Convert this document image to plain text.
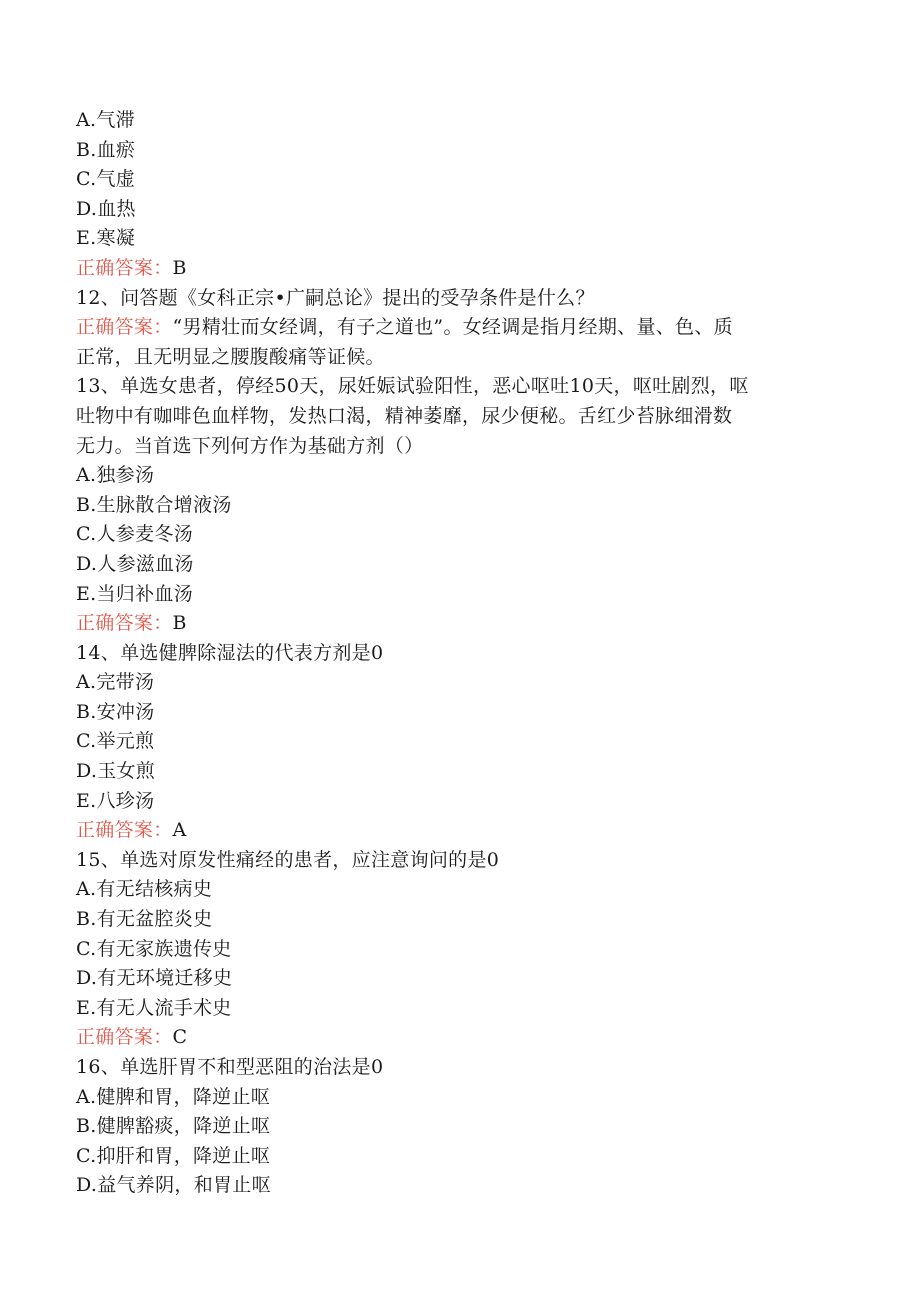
A.气滞
B.血瘀
C.气虚
D.血热
E.寒凝
正确答案：B
12、问答题《女科正宗•广嗣总论》提出的受孕条件是什么？
正确答案：“男精壮而女经调，有子之道也”。女经调是指月经期、量、色、质
正常，且无明显之腰腹酸痛等证候。
13、单选女患者，停经50天，尿妊娠试验阳性，恶心呕吐10天，呕吐剧烈，呕
吐物中有咖啡色血样物，发热口渴，精神萎靡，尿少便秘。舌红少苔脉细滑数
无力。当首选下列何方作为基础方剂（）
A.独参汤
B.生脉散合增液汤
C.人参麦冬汤
D.人参滋血汤
E.当归补血汤
正确答案：B
14、单选健脾除湿法的代表方剂是0
A.完带汤
B.安冲汤
C.举元煎
D.玉女煎
E.八珍汤
正确答案：A
15、单选对原发性痛经的患者，应注意询问的是0
A.有无结核病史
B.有无盆腔炎史
C.有无家族遗传史
D.有无环境迁移史
E.有无人流手术史
正确答案：C
16、单选肝胃不和型恶阻的治法是0
A.健脾和胃，降逆止呕
B.健脾豁痰，降逆止呕
C.抑肝和胃，降逆止呕
D.益气养阴，和胃止呕
